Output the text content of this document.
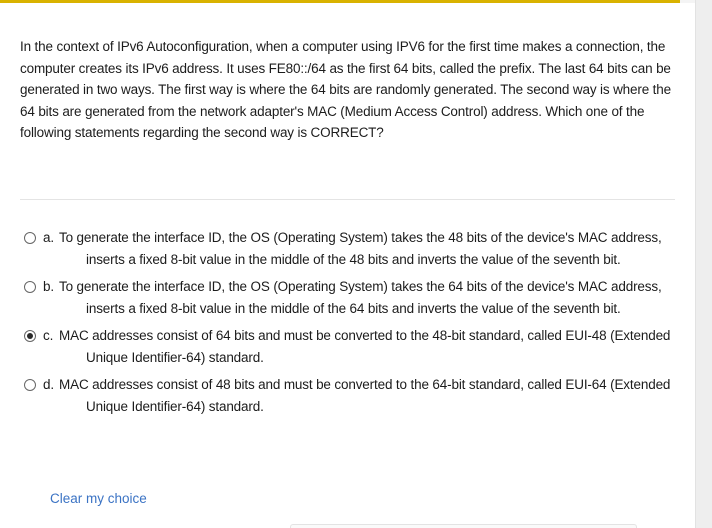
In the context of IPv6 Autoconfiguration, when a computer using IPV6 for the first time makes a connection, the computer creates its IPv6 address. It uses FE80::/64 as the first 64 bits, called the prefix. The last 64 bits can be generated in two ways. The first way is where the 64 bits are randomly generated. The second way is where the 64 bits are generated from the network adapter's MAC (Medium Access Control) address. Which one of the following statements regarding the second way is CORRECT?
a. To generate the interface ID, the OS (Operating System) takes the 48 bits of the device's MAC address, inserts a fixed 8-bit value in the middle of the 48 bits and inverts the value of the seventh bit.
b. To generate the interface ID, the OS (Operating System) takes the 64 bits of the device's MAC address, inserts a fixed 8-bit value in the middle of the 64 bits and inverts the value of the seventh bit.
c. MAC addresses consist of 64 bits and must be converted to the 48-bit standard, called EUI-48 (Extended Unique Identifier-64) standard.
d. MAC addresses consist of 48 bits and must be converted to the 64-bit standard, called EUI-64 (Extended Unique Identifier-64) standard.
Clear my choice
